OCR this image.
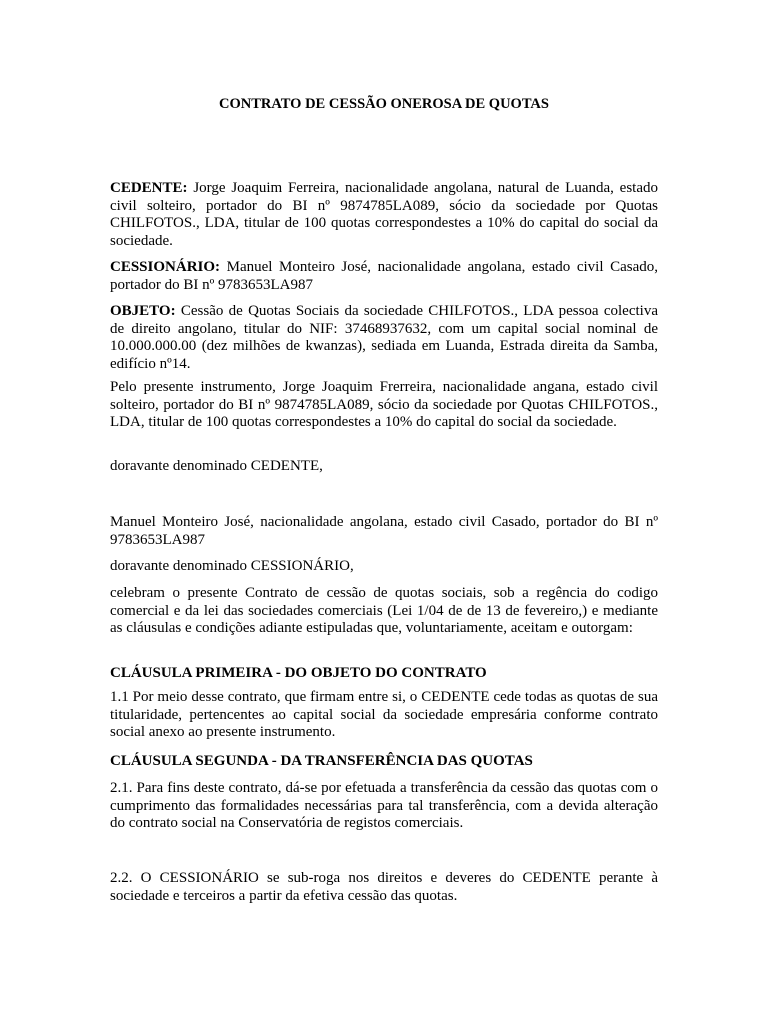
CONTRATO DE CESSÃO ONEROSA DE QUOTAS

CEDENTE: Jorge Joaquim Ferreira, nacionalidade angolana, natural de Luanda, estado civil solteiro, portador do BI nº 9874785LA089, sócio da sociedade por Quotas CHILFOTOS., LDA, titular de 100 quotas correspondestes a 10% do capital do social da sociedade.

CESSIONÁRIO: Manuel Monteiro José, nacionalidade angolana, estado civil Casado, portador do BI nº 9783653LA987

OBJETO: Cessão de Quotas Sociais da sociedade CHILFOTOS., LDA pessoa colectiva de direito angolano, titular do NIF: 37468937632, com um capital social nominal de 10.000.000.00 (dez milhões de kwanzas), sediada em Luanda, Estrada direita da Samba, edifício nº14.

Pelo presente instrumento, Jorge Joaquim Frerreira, nacionalidade angana, estado civil solteiro, portador do BI nº 9874785LA089, sócio da sociedade por Quotas CHILFOTOS., LDA, titular de 100 quotas correspondestes a 10% do capital do social da sociedade.

doravante denominado CEDENTE,

Manuel Monteiro José, nacionalidade angolana, estado civil Casado, portador do BI nº 9783653LA987

doravante denominado CESSIONÁRIO,

celebram o presente Contrato de cessão de quotas sociais, sob a regência do codigo comercial e da lei das sociedades comerciais (Lei 1/04 de de 13 de fevereiro,) e mediante as cláusulas e condições adiante estipuladas que, voluntariamente, aceitam e outorgam:

CLÁUSULA PRIMEIRA - DO OBJETO DO CONTRATO

1.1 Por meio desse contrato, que firmam entre si, o CEDENTE cede todas as quotas de sua titularidade, pertencentes ao capital social da sociedade empresária conforme contrato social anexo ao presente instrumento.

CLÁUSULA SEGUNDA - DA TRANSFERÊNCIA DAS QUOTAS

2.1. Para fins deste contrato, dá-se por efetuada a transferência da cessão das quotas com o cumprimento das formalidades necessárias para tal transferência, com a devida alteração do contrato social na Conservatória de registos comerciais.

2.2. O CESSIONÁRIO se sub-roga nos direitos e deveres do CEDENTE perante à sociedade e terceiros a partir da efetiva cessão das quotas.
